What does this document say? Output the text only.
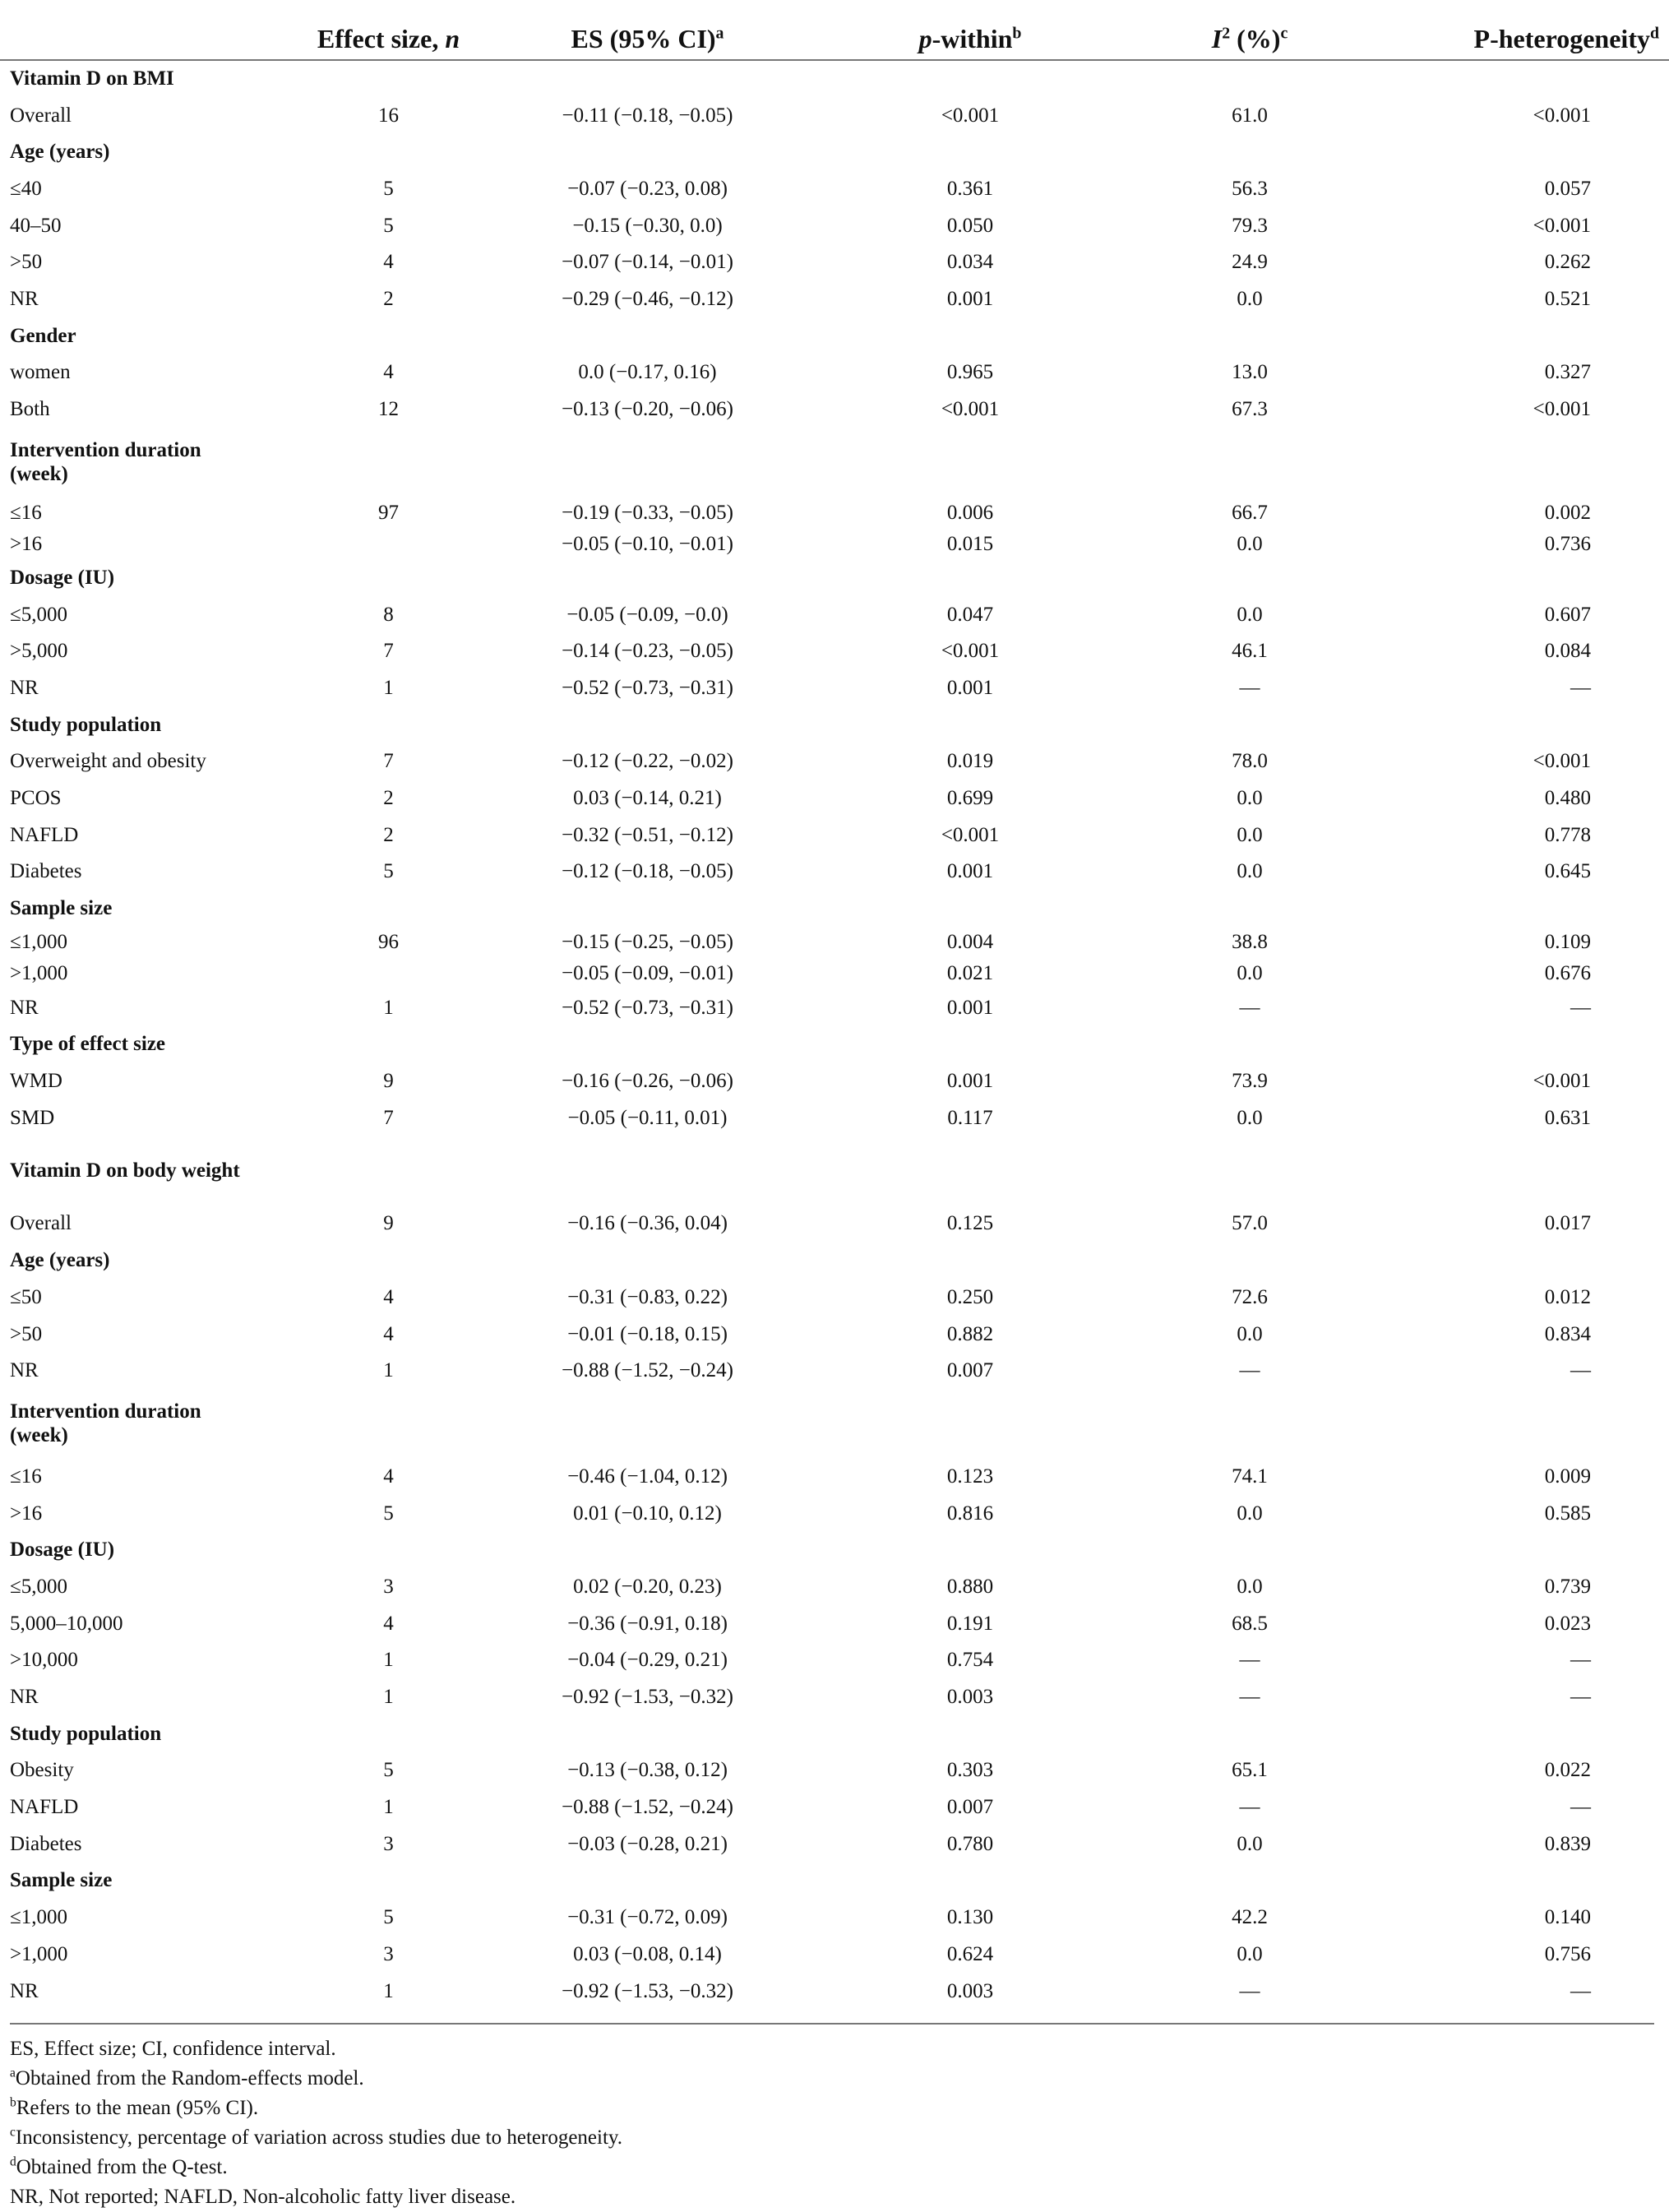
	Effect size, n	ES (95% CI)$^a$	p-within$^b$	$I^2$ (%)$^c$	P-heterogeneity$^d$
Vitamin D on BMI					
Overall	16	−0.11 (−0.18, −0.05)	<0.001	61.0	<0.001
Age (years)					
≤40	5	−0.07 (−0.23, 0.08)	0.361	56.3	0.057
40–50	5	−0.15 (−0.30, 0.0)	0.050	79.3	<0.001
>50	4	−0.07 (−0.14, −0.01)	0.034	24.9	0.262
NR	2	−0.29 (−0.46, −0.12)	0.001	0.0	0.521
Gender					
women	4	0.0 (−0.17, 0.16)	0.965	13.0	0.327
Both	12	−0.13 (−0.20, −0.06)	<0.001	67.3	<0.001
Intervention duration (week)					
≤16	97	−0.19 (−0.33, −0.05)	0.006	66.7	0.002
>16		−0.05 (−0.10, −0.01)	0.015	0.0	0.736
Dosage (IU)					
≤5,000	8	−0.05 (−0.09, −0.0)	0.047	0.0	0.607
>5,000	7	−0.14 (−0.23, −0.05)	<0.001	46.1	0.084
NR	1	−0.52 (−0.73, −0.31)	0.001	—	—
Study population					
Overweight and obesity	7	−0.12 (−0.22, −0.02)	0.019	78.0	<0.001
PCOS	2	0.03 (−0.14, 0.21)	0.699	0.0	0.480
NAFLD	2	−0.32 (−0.51, −0.12)	<0.001	0.0	0.778
Diabetes	5	−0.12 (−0.18, −0.05)	0.001	0.0	0.645
Sample size					
≤1,000	96	−0.15 (−0.25, −0.05)	0.004	38.8	0.109
>1,000		−0.05 (−0.09, −0.01)	0.021	0.0	0.676
NR	1	−0.52 (−0.73, −0.31)	0.001	—	—
Type of effect size					
WMD	9	−0.16 (−0.26, −0.06)	0.001	73.9	<0.001
SMD	7	−0.05 (−0.11, 0.01)	0.117	0.0	0.631
Vitamin D on body weight					
Overall	9	−0.16 (−0.36, 0.04)	0.125	57.0	0.017
Age (years)					
≤50	4	−0.31 (−0.83, 0.22)	0.250	72.6	0.012
>50	4	−0.01 (−0.18, 0.15)	0.882	0.0	0.834
NR	1	−0.88 (−1.52, −0.24)	0.007	—	—
Intervention duration (week)					
≤16	4	−0.46 (−1.04, 0.12)	0.123	74.1	0.009
>16	5	0.01 (−0.10, 0.12)	0.816	0.0	0.585
Dosage (IU)					
≤5,000	3	0.02 (−0.20, 0.23)	0.880	0.0	0.739
5,000–10,000	4	−0.36 (−0.91, 0.18)	0.191	68.5	0.023
>10,000	1	−0.04 (−0.29, 0.21)	0.754	—	—
NR	1	−0.92 (−1.53, −0.32)	0.003	—	—
Study population					
Obesity	5	−0.13 (−0.38, 0.12)	0.303	65.1	0.022
NAFLD	1	−0.88 (−1.52, −0.24)	0.007	—	—
Diabetes	3	−0.03 (−0.28, 0.21)	0.780	0.0	0.839
Sample size					
≤1,000	5	−0.31 (−0.72, 0.09)	0.130	42.2	0.140
>1,000	3	0.03 (−0.08, 0.14)	0.624	0.0	0.756
NR	1	−0.92 (−1.53, −0.32)	0.003	—	—
ES, Effect size; CI, confidence interval.
$^a$Obtained from the Random-effects model.
$^b$Refers to the mean (95% CI).
$^c$Inconsistency, percentage of variation across studies due to heterogeneity.
$^d$Obtained from the Q-test.
NR, Not reported; NAFLD, Non-alcoholic fatty liver disease.
